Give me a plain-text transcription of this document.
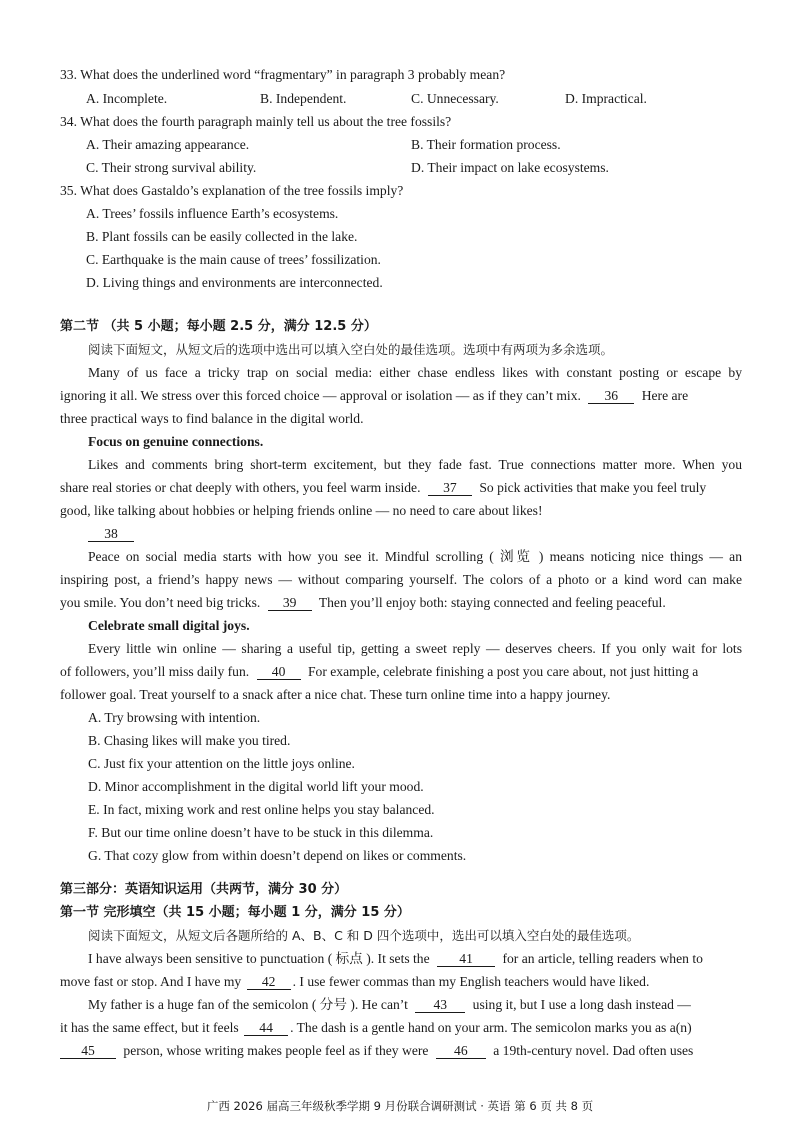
33. What does the underlined word “fragmentary” in paragraph 3 probably mean?
A. Incomplete.	B. Independent.	C. Unnecessary.	D. Impractical.
34. What does the fourth paragraph mainly tell us about the tree fossils?
A. Their amazing appearance.	B. Their formation process.
C. Their strong survival ability.	D. Their impact on lake ecosystems.
35. What does Gastaldo’s explanation of the tree fossils imply?
A. Trees’ fossils influence Earth’s ecosystems.
B. Plant fossils can be easily collected in the lake.
C. Earthquake is the main cause of trees’ fossilization.
D. Living things and environments are interconnected.
第二节 （共 5 小题；每小题 2.5 分，满分 12.5 分）
阅读下面短文，从短文后的选项中选出可以填入空白处的最佳选项。选项中有两项为多余选项。
Many of us face a tricky trap on social media: either chase endless likes with constant posting or escape by
ignoring it all. We stress over this forced choice — approval or isolation — as if they can’t mix. 36 Here are
three practical ways to find balance in the digital world.
Focus on genuine connections.
Likes and comments bring short-term excitement, but they fade fast. True connections matter more. When you
share real stories or chat deeply with others, you feel warm inside. 37 So pick activities that make you feel truly
good, like talking about hobbies or helping friends online — no need to care about likes!
38
Peace on social media starts with how you see it. Mindful scrolling ( 浏览 ) means noticing nice things — an
inspiring post, a friend’s happy news — without comparing yourself. The colors of a photo or a kind word can make
you smile. You don’t need big tricks. 39 Then you’ll enjoy both: staying connected and feeling peaceful.
Celebrate small digital joys.
Every little win online — sharing a useful tip, getting a sweet reply — deserves cheers. If you only wait for lots
of followers, you’ll miss daily fun. 40 For example, celebrate finishing a post you care about, not just hitting a
follower goal. Treat yourself to a snack after a nice chat. These turn online time into a happy journey.
A. Try browsing with intention.
B. Chasing likes will make you tired.
C. Just fix your attention on the little joys online.
D. Minor accomplishment in the digital world lift your mood.
E. In fact, mixing work and rest online helps you stay balanced.
F. But our time online doesn’t have to be stuck in this dilemma.
G. That cozy glow from within doesn’t depend on likes or comments.
第三部分：英语知识运用（共两节，满分 30 分）
第一节 完形填空（共 15 小题；每小题 1 分，满分 15 分）
阅读下面短文，从短文后各题所给的 A、B、C 和 D 四个选项中，选出可以填入空白处的最佳选项。
I have always been sensitive to punctuation ( 标点 ). It sets the 41 for an article, telling readers when to
move fast or stop. And I have my 42 . I use fewer commas than my English teachers would have liked.
My father is a huge fan of the semicolon ( 分号 ). He can’t 43 using it, but I use a long dash instead —
it has the same effect, but it feels 44 . The dash is a gentle hand on your arm. The semicolon marks you as a(n)
45 person, whose writing makes people feel as if they were 46 a 19th-century novel. Dad often uses
广西 2026 届高三年级秋季学期 9 月份联合调研测试 · 英语 第 6 页 共 8 页
